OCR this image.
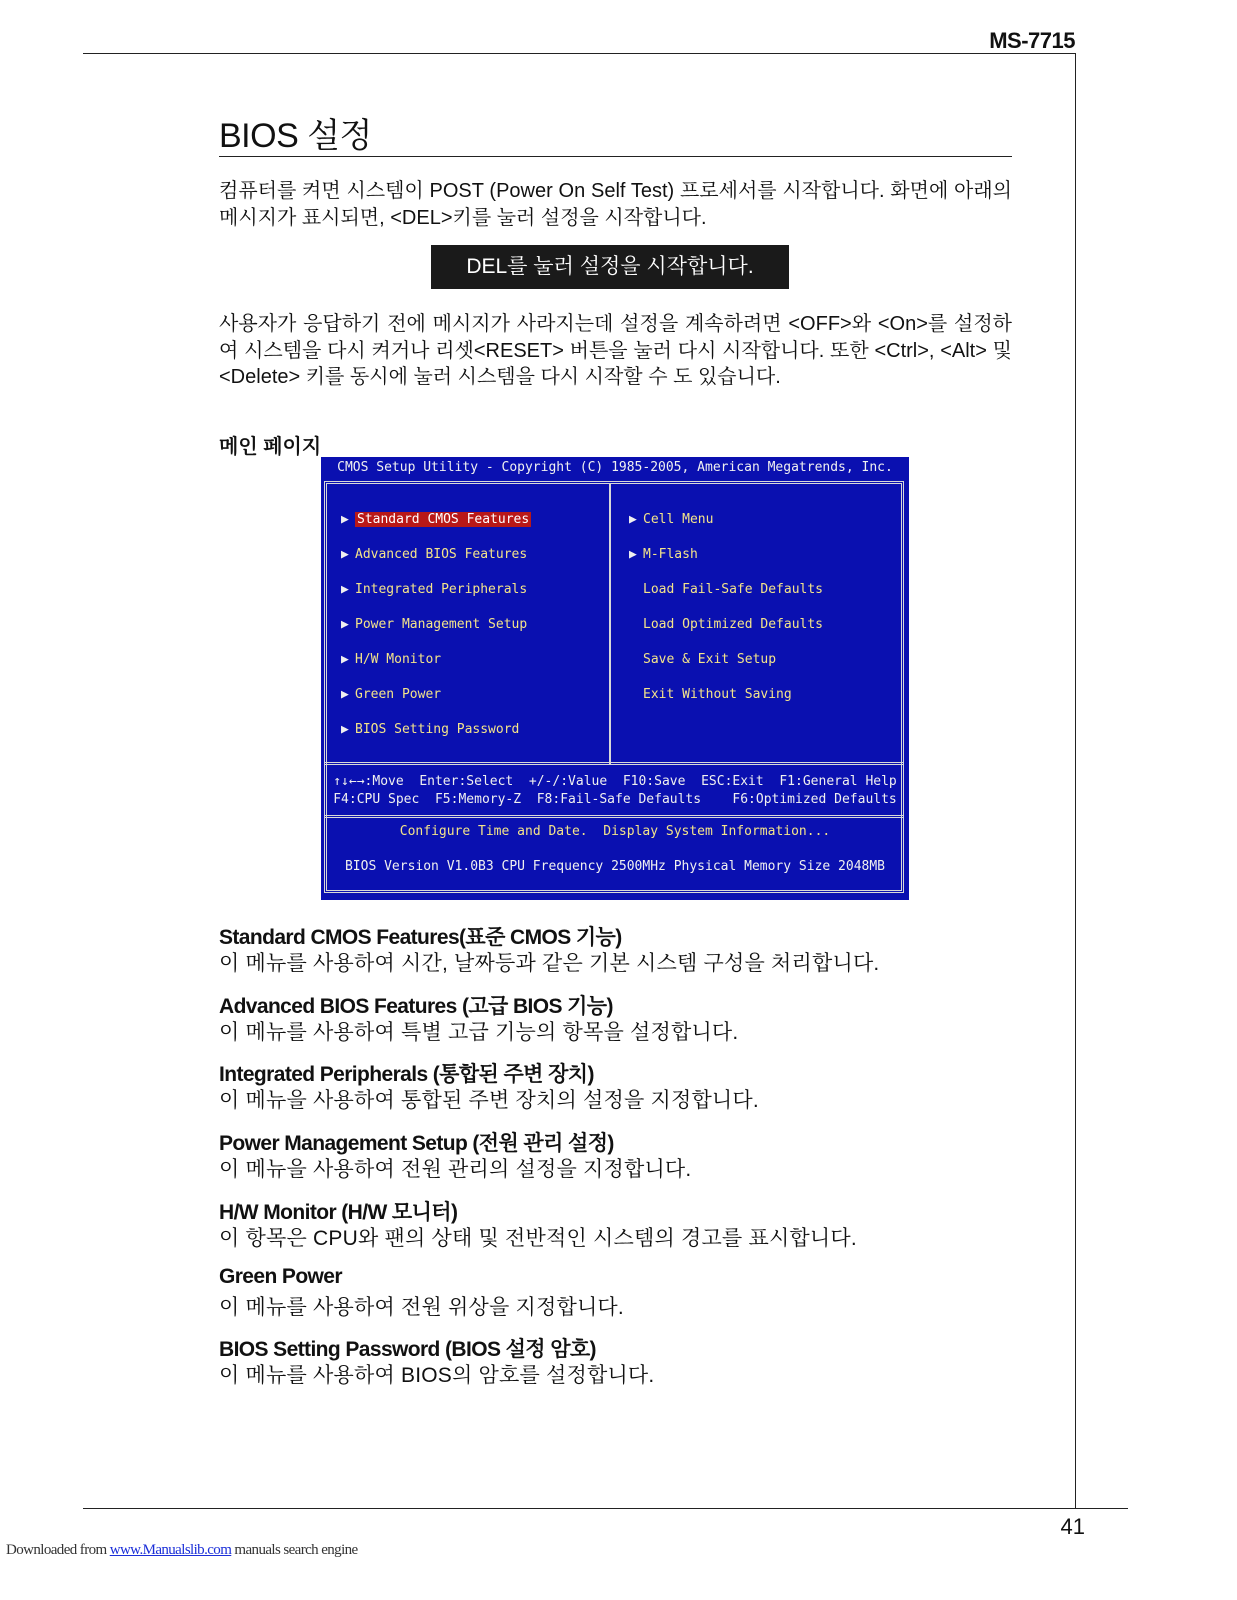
MS-7715
BIOS 설정
컴퓨터를 켜면 시스템이 POST (Power On Self Test) 프로세서를 시작합니다. 화면에 아래의 메시지가 표시되면, <DEL>키를 눌러 설정을 시작합니다.
DEL를 눌러 설정을 시작합니다.
사용자가 응답하기 전에 메시지가 사라지는데 설정을 계속하려면 <OFF>와 <On>를 설정하여 시스템을 다시 켜거나 리셋<RESET> 버튼을 눌러 다시 시작합니다. 또한 <Ctrl>, <Alt> 및 <Delete> 키를 동시에 눌러 시스템을 다시 시작할 수 도 있습니다.
메인 페이지
CMOS Setup Utility - Copyright (C) 1985-2005, American Megatrends, Inc.
▶ Standard CMOS Features
▶ Advanced BIOS Features
▶ Integrated Peripherals
▶ Power Management Setup
▶ H/W Monitor
▶ Green Power
▶ BIOS Setting Password
▶ Cell Menu
▶ M-Flash
Load Fail-Safe Defaults
Load Optimized Defaults
Save & Exit Setup
Exit Without Saving
↑↓←→:Move  Enter:Select  +/-/:Value  F10:Save  ESC:Exit  F1:General Help
F4:CPU Spec  F5:Memory-Z  F8:Fail-Safe Defaults    F6:Optimized Defaults
Configure Time and Date.  Display System Information...
BIOS Version V1.0B3 CPU Frequency 2500MHz Physical Memory Size 2048MB
Standard CMOS Features(표준 CMOS 기능)
이 메뉴를 사용하여 시간, 날짜등과 같은 기본 시스템 구성을 처리합니다.
Advanced BIOS Features (고급 BIOS 기능)
이 메뉴를 사용하여 특별 고급 기능의 항목을 설정합니다.
Integrated Peripherals (통합된 주변 장치)
이 메뉴을 사용하여 통합된 주변 장치의 설정을 지정합니다.
Power Management Setup (전원 관리 설정)
이 메뉴을 사용하여 전원 관리의 설정을 지정합니다.
H/W Monitor (H/W 모니터)
이 항목은 CPU와 팬의 상태 및 전반적인 시스템의 경고를 표시합니다.
Green Power
이 메뉴를 사용하여 전원 위상을 지정합니다.
BIOS Setting Password (BIOS 설정 암호)
이 메뉴를 사용하여 BIOS의 암호를 설정합니다.
41
Downloaded from www.Manualslib.com manuals search engine
